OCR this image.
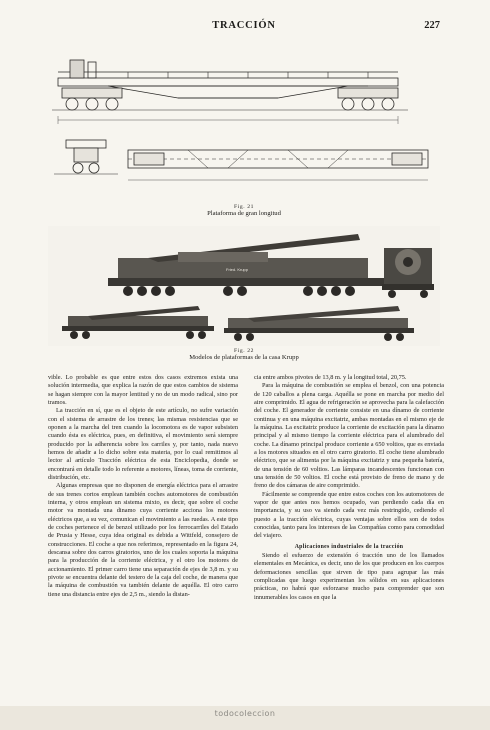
TRACCIÓN	227
Fig. 21
Plataforma de gran longitud
Fried. Krupp
Fig. 22
Modelos de plataformas de la casa Krupp

vible. Lo probable es que entre estos dos casos extremos exista una solución intermedia, que explica la razón de que estos cambios de sistema se hagan siempre con la mayor lentitud y no de un modo radical, sino por tramos.

La tracción en sí, que es el objeto de este artículo, no sufre variación con el sistema de arrastre de los trenes; las mismas resistencias que se oponen a la marcha del tren cuando la locomotora es de vapor subsisten cuando ésta es eléctrica, pues, en definitiva, el movimiento será siempre producido por la adherencia sobre los carriles y, por tanto, nada nuevo hemos de añadir a lo dicho sobre esta materia, por lo cual remitimos al lector al artículo Tracción eléctrica de esta Enciclopedia, donde se encontrará en detalle todo lo referente a motores, líneas, toma de corriente, distribución, etc.

Algunas empresas que no disponen de energía eléctrica para el arrastre de sus trenes cortos emplean también coches automotores de combustión interna, y otros emplean un sistema mixto, es decir, que sobre el coche motor va montada una dinamo cuya corriente acciona los motores eléctricos que, a su vez, comunican el movimiento a las ruedas. A este tipo de coches pertenece el de benzol utilizado por los ferrocarriles del Estado de Prusia y Hesse, cuya idea original es debida a Wittfeld, consejero de construcciones. El coche a que nos referimos, representado en la figura 24, descansa sobre dos carros giratorios, uno de los cuales soporta la máquina para la producción de la corriente eléctrica, y el otro los motores de accionamiento. El primer carro tiene una separación de ejes de 3,8 m. y su pivote se encuentra delante del testero de la caja del coche, de manera que la máquina de combustión va también delante de aquélla. El otro carro tiene una distancia entre ejes de 2,5 m., siendo la distan-

cia entre ambos pivotes de 13,8 m. y la longitud total, 20,75.

Para la máquina de combustión se emplea el benzol, con una potencia de 120 caballos a plena carga. Aquélla se pone en marcha por medio del aire comprimido. El agua de refrigeración se aprovecha para la calefacción del coche. El generador de corriente consiste en una dínamo de corriente continua y en una máquina excitatriz, ambas montadas en el mismo eje de la máquina. La excitatriz produce la corriente de excitación para la dínamo principal y al mismo tiempo la corriente eléctrica para el alumbrado del coche. La dínamo principal produce corriente a 650 voltios, que es enviada a los motores situados en el otro carro giratorio. El coche tiene alumbrado eléctrico, que se alimenta por la máquina excitatriz y una pequeña batería, de una tensión de 60 voltios. Las lámparas incandescentes funcionan con una tensión de 50 voltios. El coche está provisto de freno de mano y de freno de dos cámaras de aire comprimido.

Fácilmente se comprende que entre estos coches con los automotores de vapor de que antes nos hemos ocupado, van perdiendo cada día en importancia, y su uso va siendo cada vez más restringido, cediendo el puesto a la tracción eléctrica, cuyas ventajas sobre ellos son de todos conocidas, tanto para los intereses de las Compañías como para comodidad del viajero.

Aplicaciones industriales de la tracción

Siendo el esfuerzo de extensión ó tracción uno de los llamados elementales en Mecánica, es decir, uno de los que producen en los cuerpos deformaciones sencillas que sirven de tipo para agrupar las más complicadas que luego experimentan los sólidos en sus aplicaciones prácticas, no habrá que esforzarse mucho para comprender que son innumerables los casos en que la

todocoleccion
